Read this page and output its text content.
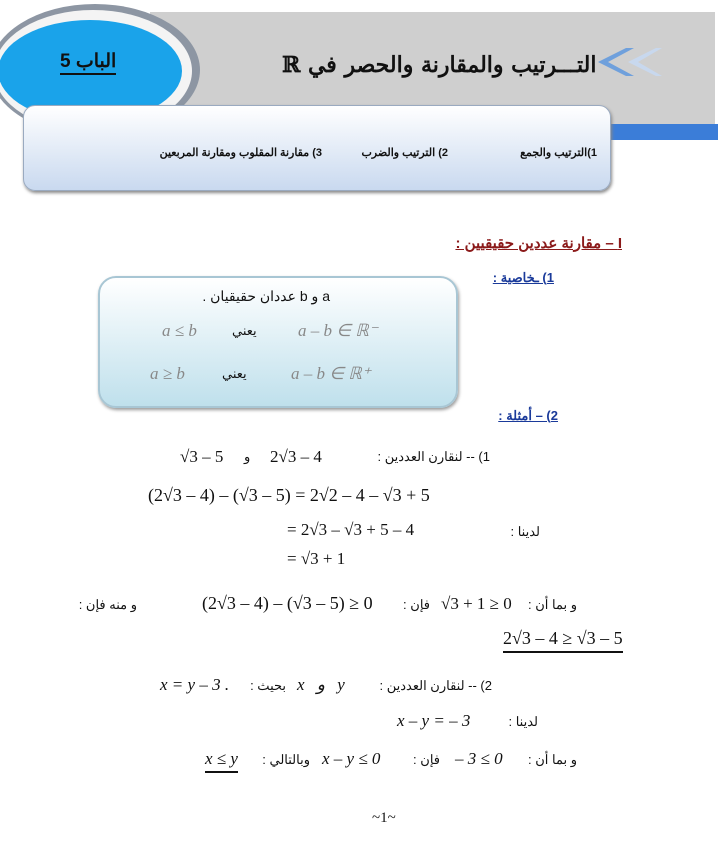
الباب 5	التـــرتيب والمقارنة والحصر في ℝ
1)الترتيب والجمع
2) الترتيب والضرب
3) مقارنة المقلوب ومقارنة المربعين
I – مقارنة عددين حقيقيين :
1) ـخاصية :
a و b عددان حقيقيان .
a ≤ b	يعني a – b ∈ ℝ⁻
a ≥ b	يعني	a – b ∈ ℝ⁺
2) – أمثلة :
1) -- لنقارن العددين :
2√3 – 4
و
√3 – 5
(2√3 – 4) – (√3 – 5) = 2√2 – 4 – √3 + 5
لدينا :
= 2√3 – √3 + 5 – 4
= √3 + 1
و بما أن :
√3 + 1 ≥ 0
فإن :
(2√3 – 4) – (√3 – 5) ≥ 0
و منه فإن :
2√3 – 4 ≥ √3 – 5
2) -- لنقارن العددين :
x و y
بحيث :
x = y – 3 .
لدينا :
x – y = – 3
و بما أن :
– 3 ≤ 0
فإن :
x – y ≤ 0
وبالتالي :
x ≤ y
~1~
